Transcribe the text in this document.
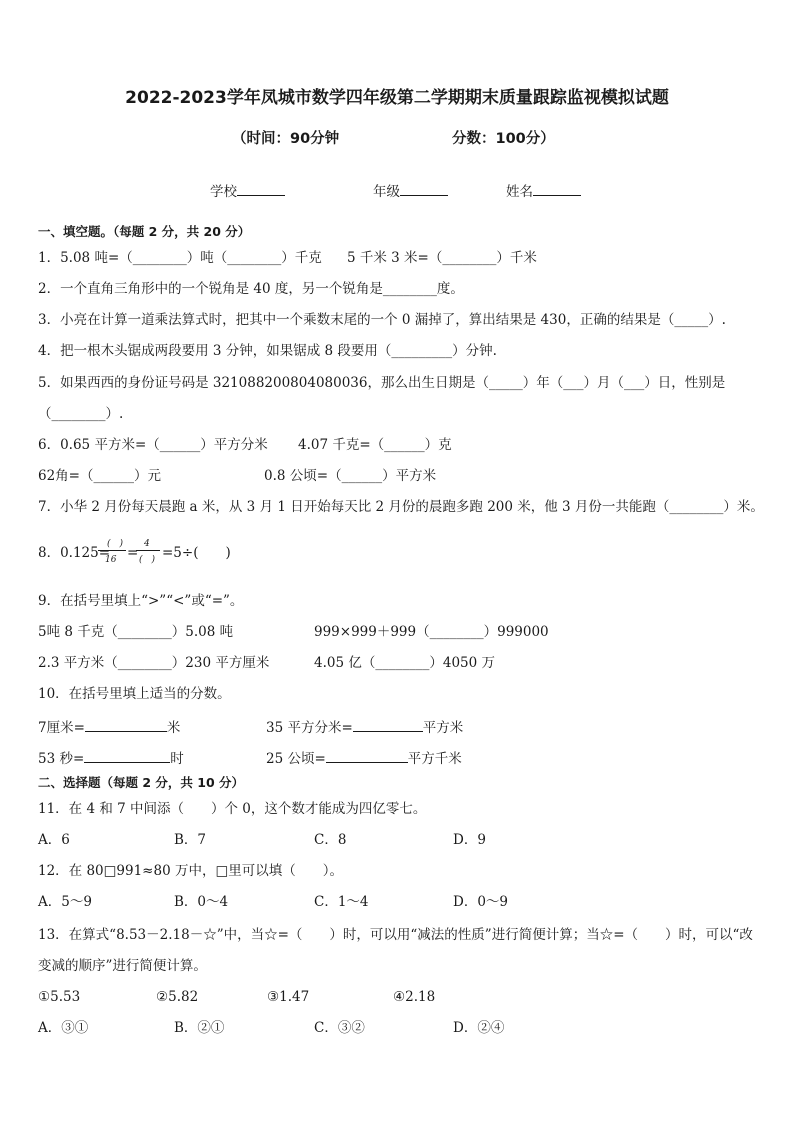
2022-2023学年凤城市数学四年级第二学期期末质量跟踪监视模拟试题
（时间：90分钟	分数：100分）
学校	年级	姓名
一、填空题。（每题 2 分，共 20 分）
1．5.08 吨=（________）吨（________）千克 5 千米 3 米=（________）千米
2．一个直角三角形中的一个锐角是 40 度，另一个锐角是________度。
3．小亮在计算一道乘法算式时，把其中一个乘数末尾的一个 0 漏掉了，算出结果是 430，正确的结果是（_____）.
4．把一根木头锯成两段要用 3 分钟，如果锯成 8 段要用（_________）分钟.
5．如果西西的身份证号码是 321088200804080036，那么出生日期是（_____）年（___）月（___）日，性别是
（________）.
6．0.65 平方米=（______）平方分米 4.07 千克=（______）克
62角=（______）元	0.8 公顷=（______）平方米
7．小华 2 月份每天晨跑 a 米，从 3 月 1 日开始每天比 2 月份的晨跑多跑 200 米，他 3 月份一共能跑（________）米。
8．0.125=
(　)
16 =
4
(　) =5÷(　　)
9．在括号里填上“>”“<”或“=”。
5吨 8 千克（________）5.08 吨	999×999＋999（________）999000
2.3 平方米（________）230 平方厘米	4.05 亿（________）4050 万
10．在括号里填上适当的分数。
7厘米=	米	35 平方分米=	平方米
53 秒=	时	25 公顷=	平方千米
二、选择题（每题 2 分，共 10 分）
11．在 4 和 7 中间添（　　）个 0，这个数才能成为四亿零七。
A．6	B．7	C．8	D．9
12．在 80□991≈80 万中，□里可以填（　　）。
A．5～9	B．0～4	C．1～4	D．0～9
13．在算式“8.53－2.18－☆”中，当☆=（　　）时，可以用“减法的性质”进行简便计算；当☆=（　　）时，可以“改
变减的顺序”进行简便计算。
①5.53	②5.82	③1.47	④2.18
A．③①	B．②①	C．③②	D．②④
